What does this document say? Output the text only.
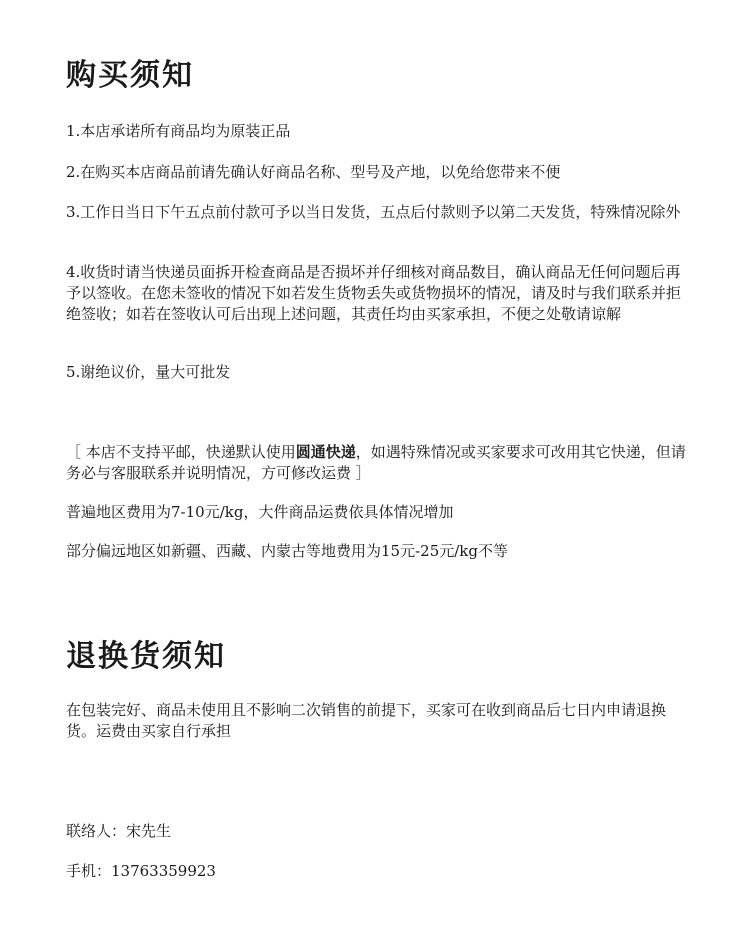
购买须知

1.本店承诺所有商品均为原装正品

2.在购买本店商品前请先确认好商品名称、型号及产地，以免给您带来不便

3.工作日当日下午五点前付款可予以当日发货，五点后付款则予以第二天发货，特殊情况除外

4.收货时请当快递员面拆开检查商品是否损坏并仔细核对商品数目，确认商品无任何问题后再予以签收。在您未签收的情况下如若发生货物丢失或货物损坏的情况，请及时与我们联系并拒绝签收；如若在签收认可后出现上述问题，其责任均由买家承担，不便之处敬请谅解

5.谢绝议价，量大可批发

［ 本店不支持平邮，快递默认使用圆通快递，如遇特殊情况或买家要求可改用其它快递，但请务必与客服联系并说明情况，方可修改运费 ］

普遍地区费用为7-10元/kg，大件商品运费依具体情况增加

部分偏远地区如新疆、西藏、内蒙古等地费用为15元-25元/kg不等

退换货须知

在包装完好、商品未使用且不影响二次销售的前提下，买家可在收到商品后七日内申请退换货。运费由买家自行承担

联络人：宋先生

手机：13763359923
